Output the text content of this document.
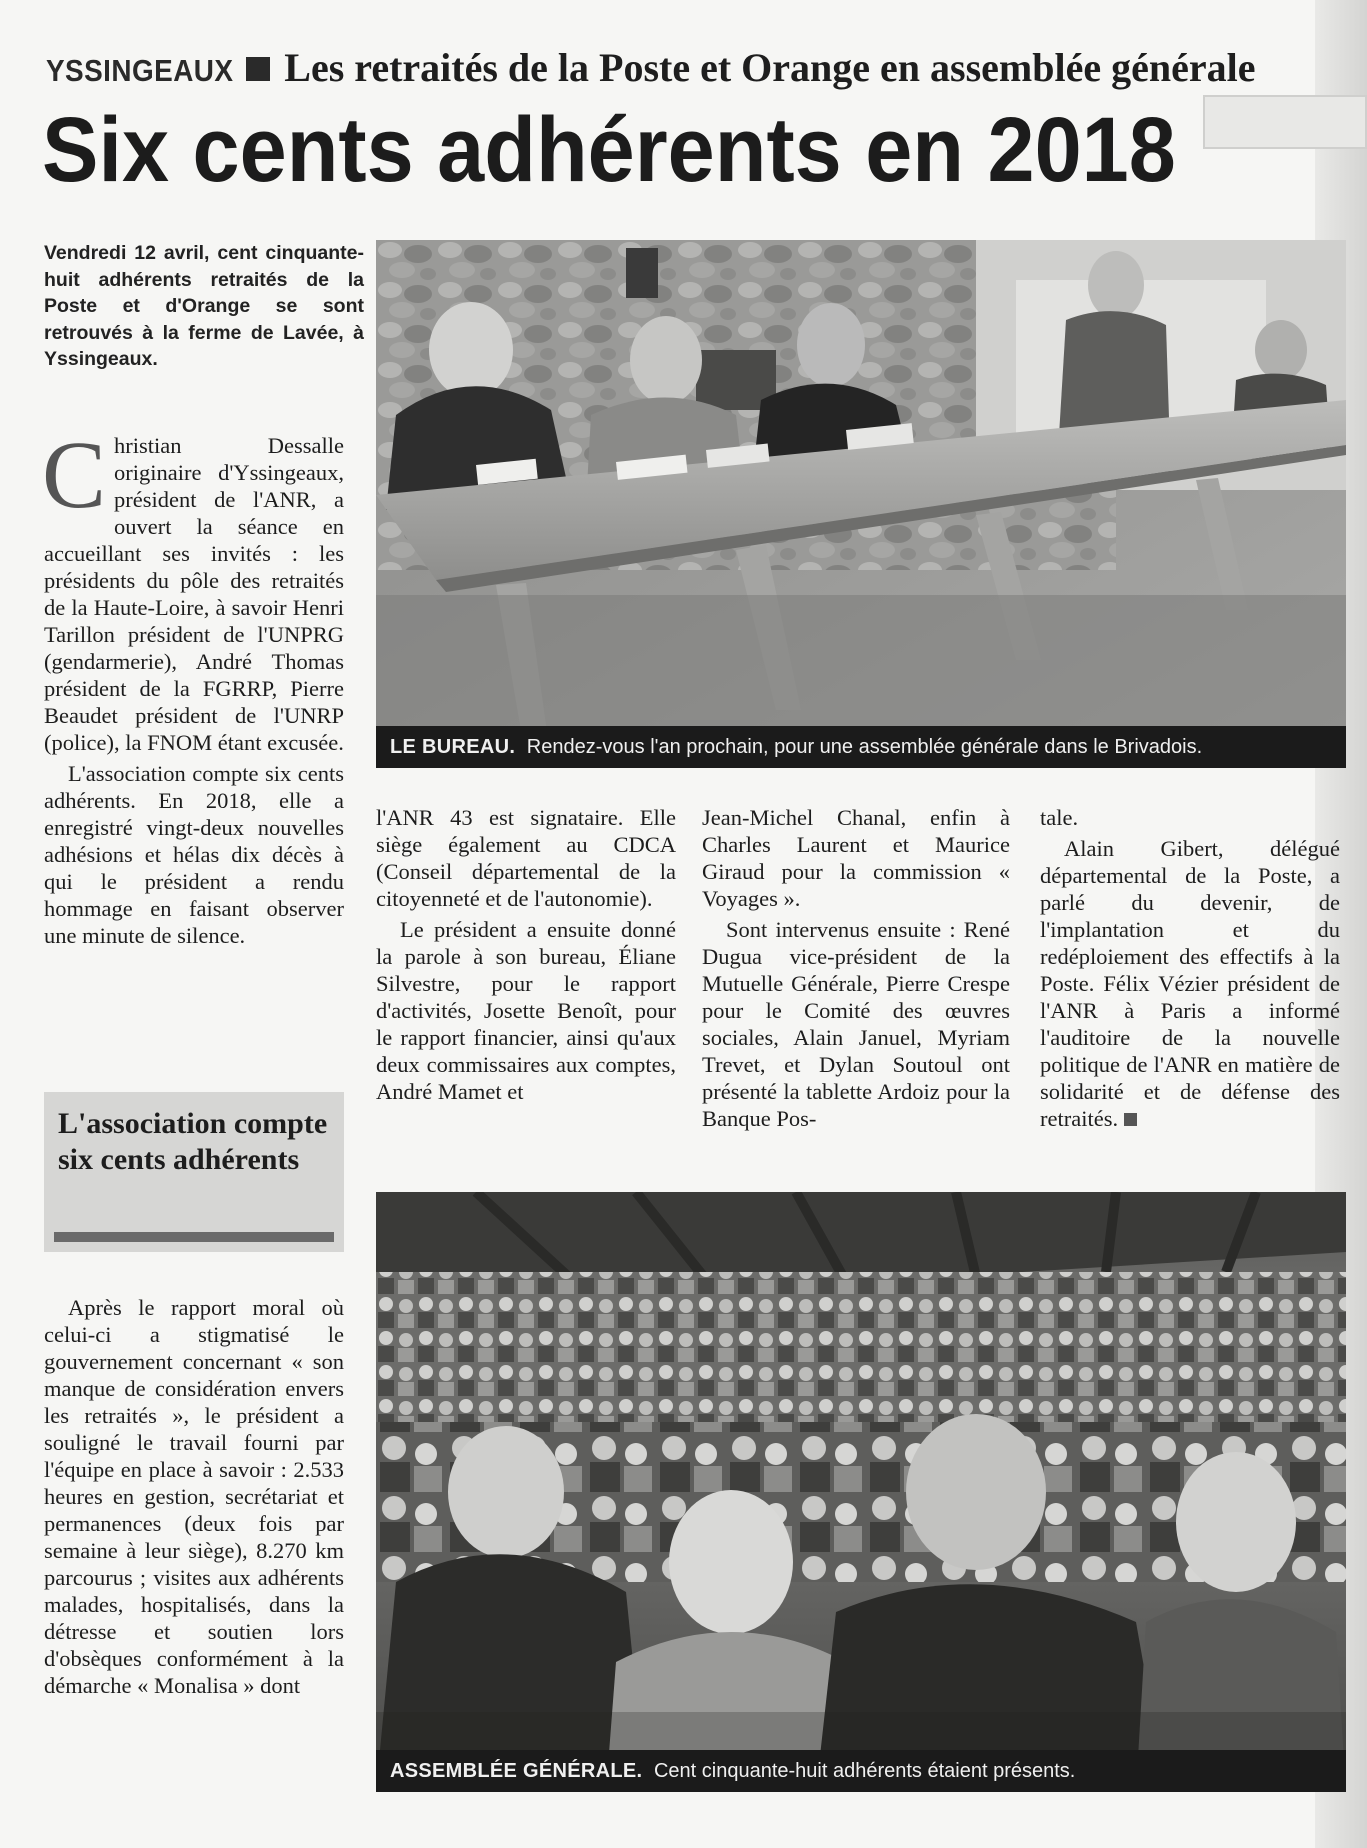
YSSINGEAUX Les retraités de la Poste et Orange en assemblée générale
Six cents adhérents en 2018
Vendredi 12 avril, cent cinquante-huit adhérents retraités de la Poste et d'Orange se sont retrouvés à la ferme de Lavée, à Yssingeaux.

Christian Dessalle originaire d'Yssingeaux, président de l'ANR, a ouvert la séance en accueillant ses invités : les présidents du pôle des retraités de la Haute-Loire, à savoir Henri Tarillon président de l'UNPRG (gendarmerie), André Thomas président de la FGRRP, Pierre Beaudet président de l'UNRP (police), la FNOM étant excusée.

L'association compte six cents adhérents. En 2018, elle a enregistré vingt-deux nouvelles adhésions et hélas dix décès à qui le président a rendu hommage en faisant observer une minute de silence.

L'association compte six cents adhérents

Après le rapport moral où celui-ci a stigmatisé le gouvernement concernant « son manque de considération envers les retraités », le président a souligné le travail fourni par l'équipe en place à savoir : 2.533 heures en gestion, secrétariat et permanences (deux fois par semaine à leur siège), 8.270 km parcourus ; visites aux adhérents malades, hospitalisés, dans la détresse et soutien lors d'obsèques conformément à la démarche « Monalisa » dont

LE BUREAU. Rendez-vous l'an prochain, pour une assemblée générale dans le Brivadois.

l'ANR 43 est signataire. Elle siège également au CDCA (Conseil départemental de la citoyenneté et de l'autonomie).

Le président a ensuite donné la parole à son bureau, Éliane Silvestre, pour le rapport d'activités, Josette Benoît, pour le rapport financier, ainsi qu'aux deux commissaires aux comptes, André Mamet et

Jean-Michel Chanal, enfin à Charles Laurent et Maurice Giraud pour la commission « Voyages ».

Sont intervenus ensuite : René Dugua vice-président de la Mutuelle Générale, Pierre Crespe pour le Comité des œuvres sociales, Alain Januel, Myriam Trevet, et Dylan Soutoul ont présenté la tablette Ardoiz pour la Banque Pos-

tale.

Alain Gibert, délégué départemental de la Poste, a parlé du devenir, de l'implantation et du redéploiement des effectifs à la Poste. Félix Vézier président de l'ANR à Paris a informé l'auditoire de la nouvelle politique de l'ANR en matière de solidarité et de défense des retraités.

ASSEMBLÉE GÉNÉRALE. Cent cinquante-huit adhérents étaient présents.
